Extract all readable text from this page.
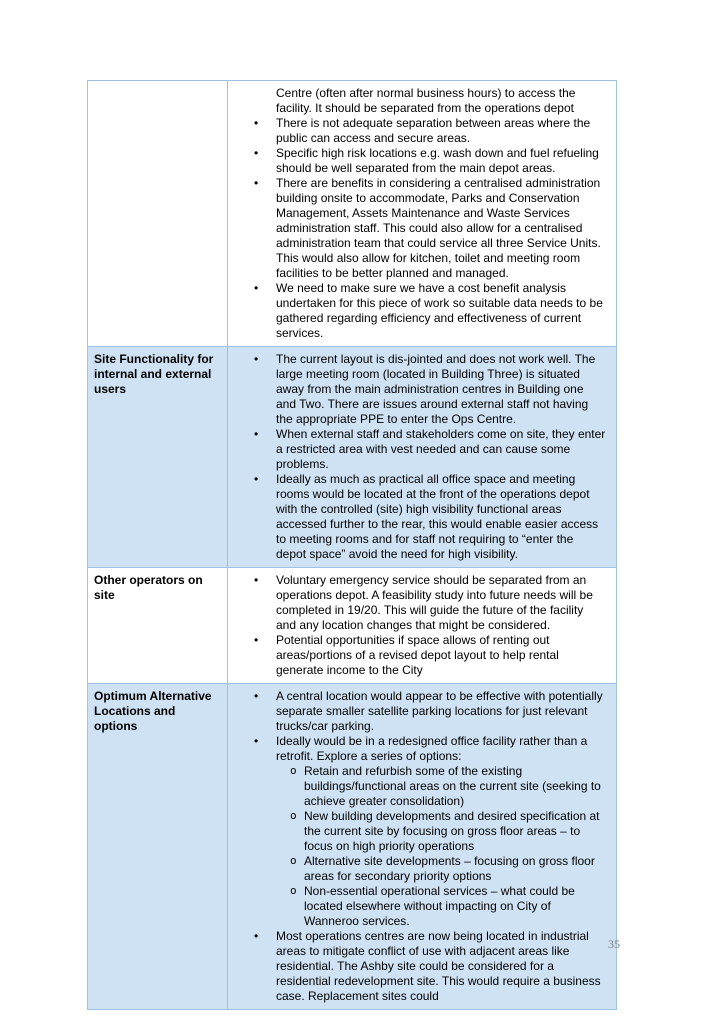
Centre (often after normal business hours) to access the facility. It should be separated from the operations depot
• There is not adequate separation between areas where the public can access and secure areas.
• Specific high risk locations e.g. wash down and fuel refueling should be well separated from the main depot areas.
• There are benefits in considering a centralised administration building onsite to accommodate, Parks and Conservation Management, Assets Maintenance and Waste Services administration staff. This could also allow for a centralised administration team that could service all three Service Units. This would also allow for kitchen, toilet and meeting room facilities to be better planned and managed.
• We need to make sure we have a cost benefit analysis undertaken for this piece of work so suitable data needs to be gathered regarding efficiency and effectiveness of current services.

Site Functionality for internal and external users	
• The current layout is dis-jointed and does not work well. The large meeting room (located in Building Three) is situated away from the main administration centres in Building one and Two. There are issues around external staff not having the appropriate PPE to enter the Ops Centre.
• When external staff and stakeholders come on site, they enter a restricted area with vest needed and can cause some problems.
• Ideally as much as practical all office space and meeting rooms would be located at the front of the operations depot with the controlled (site) high visibility functional areas accessed further to the rear, this would enable easier access to meeting rooms and for staff not requiring to “enter the depot space” avoid the need for high visibility.

Other operators on site	• Voluntary emergency service should be separated from an operations depot. A feasibility study into future needs will be completed in 19/20. This will guide the future of the facility and any location changes that might be considered.
• Potential opportunities if space allows of renting out areas/portions of a revised depot layout to help rental generate income to the City

Optimum Alternative Locations and options	
• A central location would appear to be effective with potentially separate smaller satellite parking locations for just relevant trucks/car parking.
• Ideally would be in a redesigned office facility rather than a retrofit. Explore a series of options:
o Retain and refurbish some of the existing buildings/functional areas on the current site (seeking to achieve greater consolidation)
o New building developments and desired specification at the current site by focusing on gross floor areas – to focus on high priority operations
o Alternative site developments – focusing on gross floor areas for secondary priority options
o Non-essential operational services – what could be located elsewhere without impacting on City of Wanneroo services.
• Most operations centres are now being located in industrial areas to mitigate conflict of use with adjacent areas like residential. The Ashby site could be considered for a residential redevelopment site. This would require a business case. Replacement sites could
35
